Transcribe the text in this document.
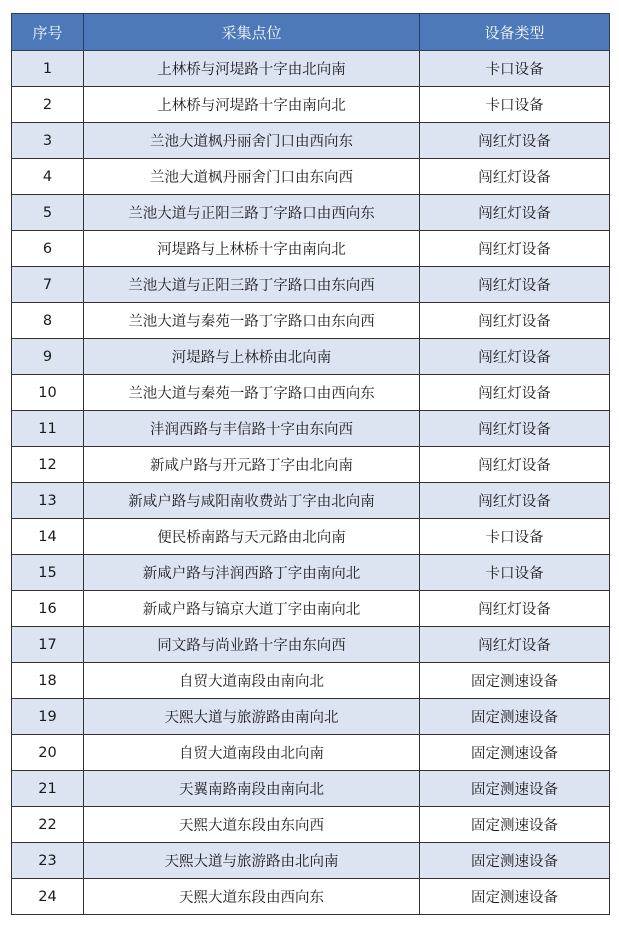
序号	采集点位	设备类型
1	上林桥与河堤路十字由北向南	卡口设备
2	上林桥与河堤路十字由南向北	卡口设备
3	兰池大道枫丹丽舍门口由西向东	闯红灯设备
4	兰池大道枫丹丽舍门口由东向西	闯红灯设备
5	兰池大道与正阳三路丁字路口由西向东	闯红灯设备
6	河堤路与上林桥十字由南向北	闯红灯设备
7	兰池大道与正阳三路丁字路口由东向西	闯红灯设备
8	兰池大道与秦苑一路丁字路口由东向西	闯红灯设备
9	河堤路与上林桥由北向南	闯红灯设备
10	兰池大道与秦苑一路丁字路口由西向东	闯红灯设备
11	沣润西路与丰信路十字由东向西	闯红灯设备
12	新咸户路与开元路丁字由北向南	闯红灯设备
13	新咸户路与咸阳南收费站丁字由北向南	闯红灯设备
14	便民桥南路与天元路由北向南	卡口设备
15	新咸户路与沣润西路丁字由南向北	卡口设备
16	新咸户路与镐京大道丁字由南向北	闯红灯设备
17	同文路与尚业路十字由东向西	闯红灯设备
18	自贸大道南段由南向北	固定测速设备
19	天熙大道与旅游路由南向北	固定测速设备
20	自贸大道南段由北向南	固定测速设备
21	天翼南路南段由南向北	固定测速设备
22	天熙大道东段由东向西	固定测速设备
23	天熙大道与旅游路由北向南	固定测速设备
24	天熙大道东段由西向东	固定测速设备
